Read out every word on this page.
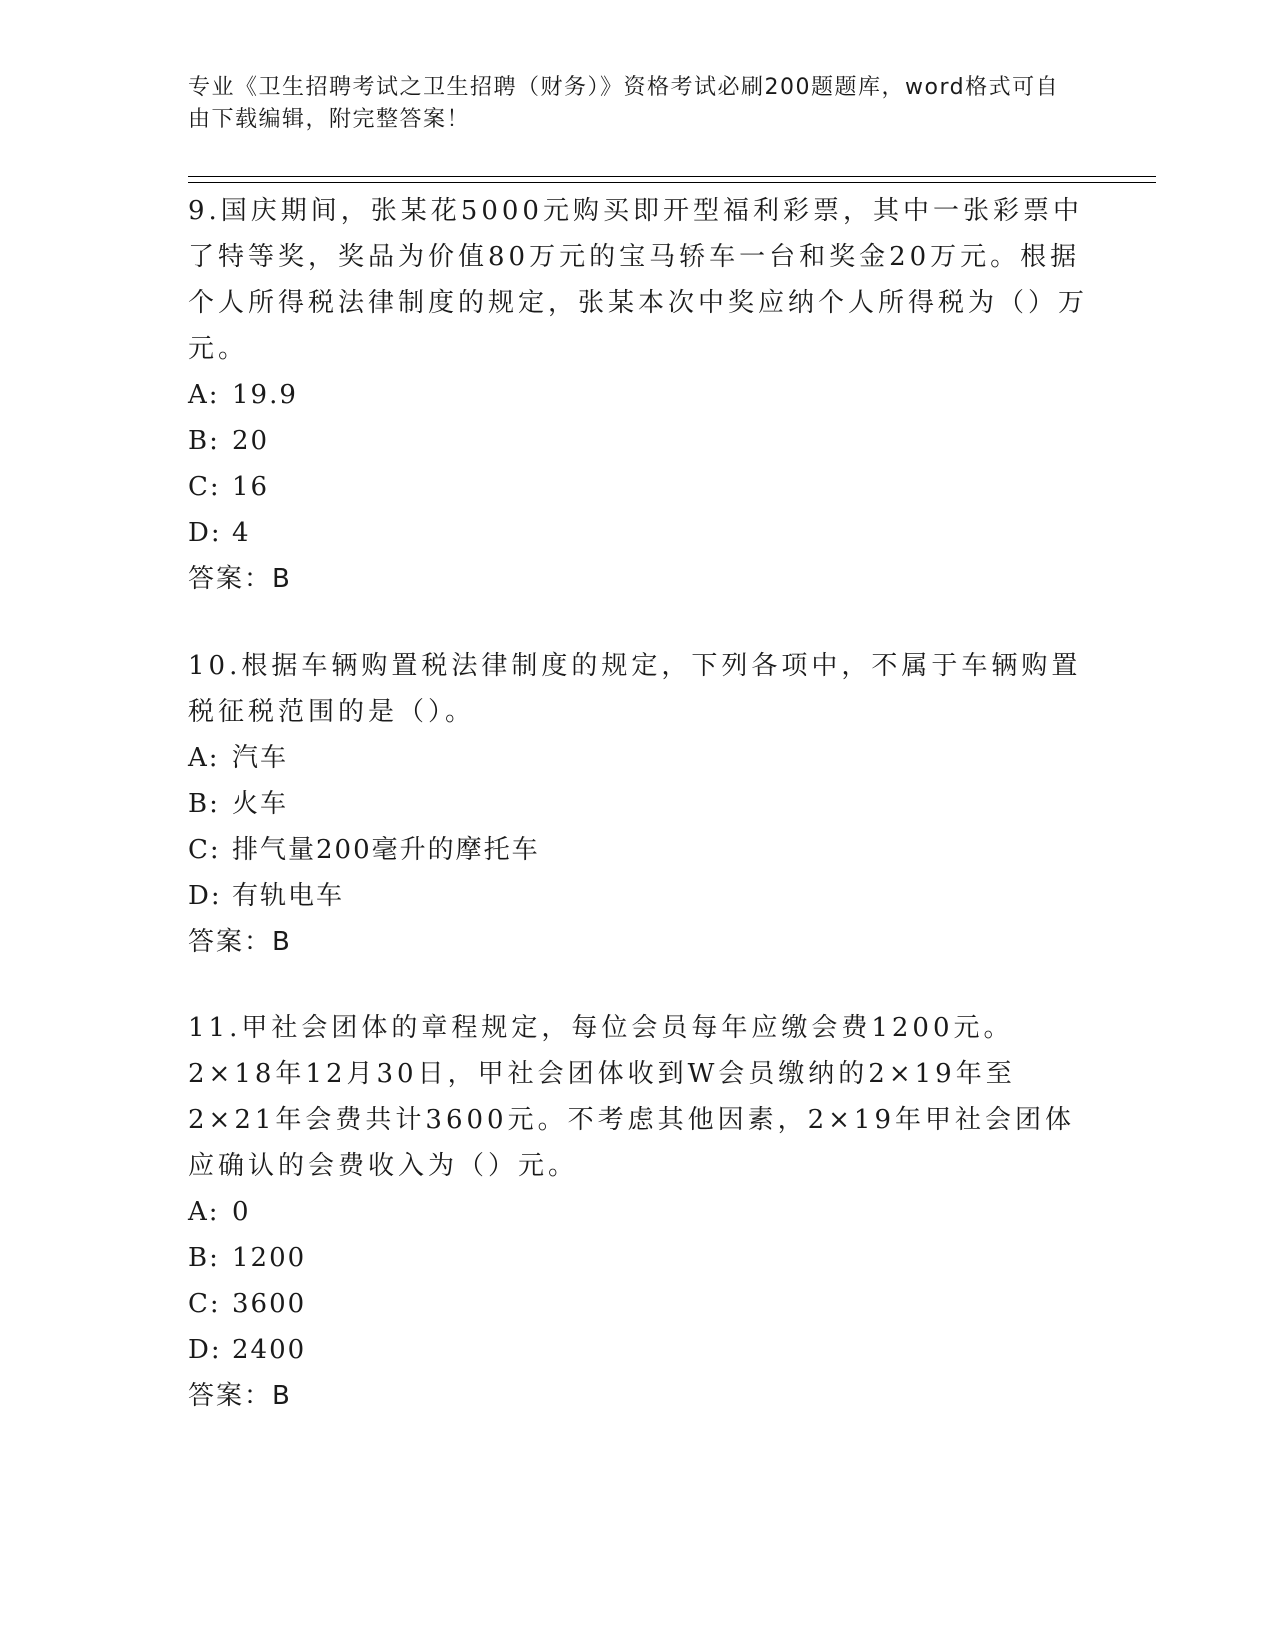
专业《卫生招聘考试之卫生招聘（财务）》资格考试必刷200题题库，word格式可自由下载编辑，附完整答案！

9.国庆期间，张某花5000元购买即开型福利彩票，其中一张彩票中了特等奖，奖品为价值80万元的宝马轿车一台和奖金20万元。根据个人所得税法律制度的规定，张某本次中奖应纳个人所得税为（）万元。

A: 19.9

B: 20

C: 16

D: 4

答案：B

10.根据车辆购置税法律制度的规定，下列各项中，不属于车辆购置税征税范围的是（）。

A: 汽车

B: 火车

C: 排气量200毫升的摩托车

D: 有轨电车

答案：B

11.甲社会团体的章程规定，每位会员每年应缴会费1200元。2×18年12月30日，甲社会团体收到W会员缴纳的2×19年至2×21年会费共计3600元。不考虑其他因素，2×19年甲社会团体应确认的会费收入为（）元。

A: 0

B: 1200

C: 3600

D: 2400

答案：B
